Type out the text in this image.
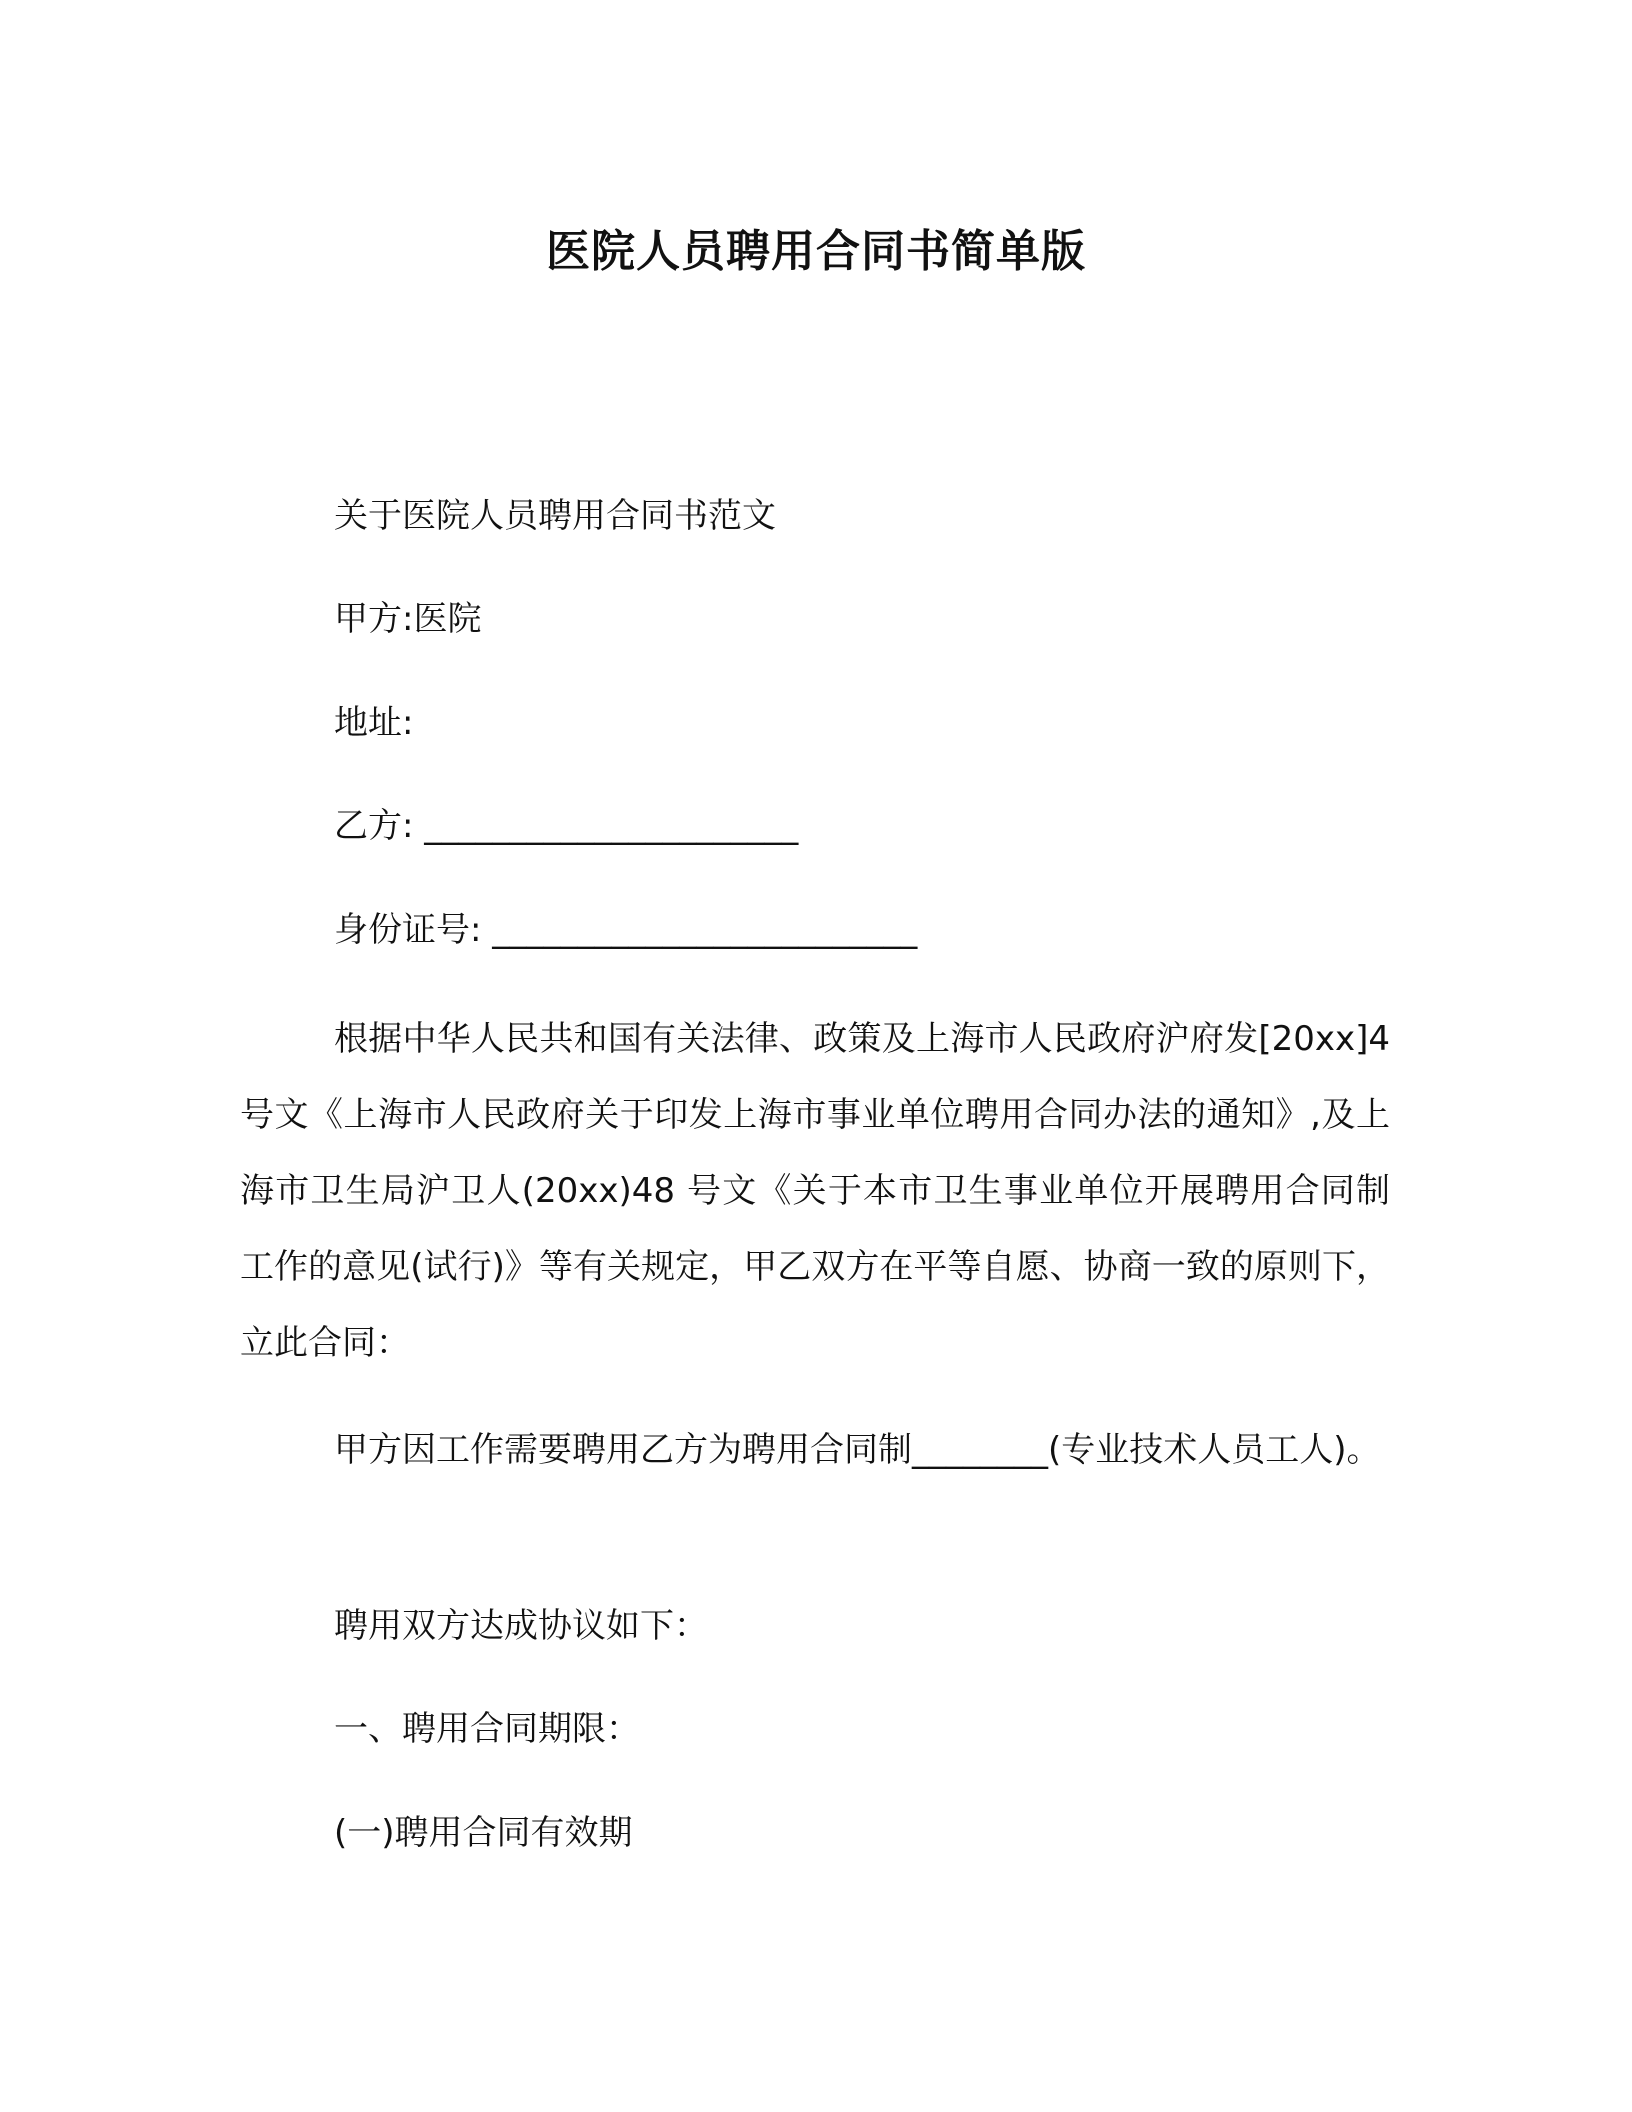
医院人员聘用合同书简单版
关于医院人员聘用合同书范文
甲方:医院
地址:
乙方: ______________________
身份证号: _________________________
根据中华人民共和国有关法律、政策及上海市人民政府沪府发[20xx]4 号文《上海市人民政府关于印发上海市事业单位聘用合同办法的通知》,及上海市卫生局沪卫人(20xx)48 号文《关于本市卫生事业单位开展聘用合同制工作的意见(试行)》等有关规定，甲乙双方在平等自愿、协商一致的原则下，立此合同：
甲方因工作需要聘用乙方为聘用合同制________(专业技术人员工人)。
聘用双方达成协议如下：
一、聘用合同期限：
(一)聘用合同有效期
